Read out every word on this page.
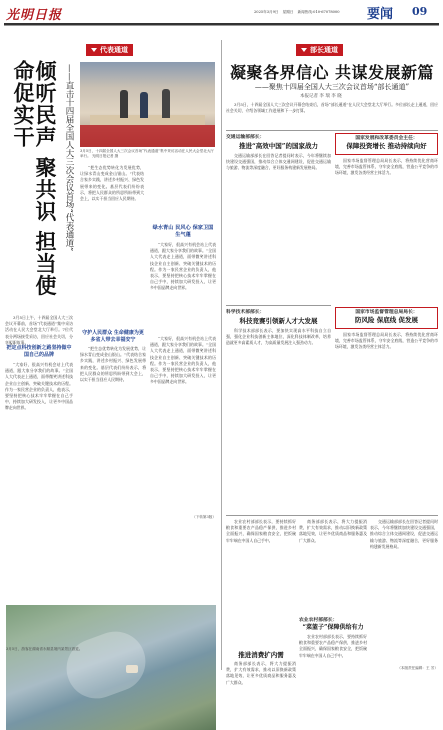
光明日报	2025年3月9日 星期日 新闻热线:010-67078000 要闻 09
代表通道
倾听民声 聚共识 担当使命促实干	——直击十四届全国人大三次会议首场“代表通道” 3月5日，十四届全国人大三次会议首场“代表通道”集中采访活动在人民大会堂北大厅举行。 光明日报记者 摄

3月5日上午，十四届全国人大三次会议开幕前，首场“代表通道”集中采访活动在人民大会堂北大厅举行。7位代表分两场接受采访，回应社会关切，分享履职故事。

把定点科技创新之路坚持做中国自己的品牌

“大家好，很高兴有机会站上代表通道，跟大家分享我们的故事。”全国人大代表走上通道，面带微笑讲述科技企业自主创新、突破关键技术的历程。作为一家民营企业的负责人，他表示，要坚持把核心技术牢牢掌握在自己手中，持续加大研发投入，让更多中国品牌走向世界。

“把生态优势转化为发展优势，让绿水青山变成金山银山。”代表结合家乡实践，讲述乡村振兴、绿色发展带来的变化。基层代表们纷纷表示，将把人民群众的所思所盼带到大会上，以实干担当回应人民期待。

绿水青山 民风心 保家卫国 生气蓬

“大家好，很高兴有机会站上代表通道，跟大家分享我们的故事。”全国人大代表走上通道，面带微笑讲述科技企业自主创新、突破关键技术的历程。作为一家民营企业的负责人，他表示，要坚持把核心技术牢牢掌握在自己手中，持续加大研发投入，让更多中国品牌走向世界。

守护人民群众 生命健康为更多省人带去幸福安宁

“把生态优势转化为发展优势，让绿水青山变成金山银山。”代表结合家乡实践，讲述乡村振兴、绿色发展带来的变化。基层代表们纷纷表示，将把人民群众的所思所盼带到大会上，以实干担当回应人民期待。

“大家好，很高兴有机会站上代表通道，跟大家分享我们的故事。”全国人大代表走上通道，面带微笑讲述科技企业自主创新、突破关键技术的历程。作为一家民营企业的负责人，他表示，要坚持把核心技术牢牢掌握在自己手中，持续加大研发投入，让更多中国品牌走向世界。

（下转第3版）
3月5日，游客在湖南省永顺县境内某景区游览。
部长通道
凝聚各界信心 共谋发展新篇
——聚焦十四届全国人大三次会议首场“部长通道”
本报记者 李 瑞 李 晓

3月5日，十四届全国人大三次会议开幕会结束后，首场“部长通道”在人民大会堂北大厅举行。多位部长走上通道，回应社会关切，介绍各领域工作进展和下一步打算。

交通运输部部长：
推进“高效中国”的国家战力

交通运输部部长在回答记者提问时表示，今年将继续加快建设交通强国，推动综合立体交通网建设，促进交通运输与旅游、物流等深度融合，更好服务构建新发展格局。

国家发展和改革委员会主任：
保障投资增长 推动持续向好

国家市场监督管理总局局长表示，将持续优化营商环境，完善市场监管体系，守牢安全底线，营造公平竞争的市场环境，激发各类经营主体活力。

科学技术部部长：
科技竞赛引领新人才大发展

科学技术部部长表示，要加快实现高水平科技自立自强，强化企业科技创新主体地位，深化科技体制改革，培养造就更多高素质人才，为高质量发展注入强劲动力。

国家市场监督管理总局局长：
防风险 保底线 促发展

国家市场监督管理总局局长表示，将持续优化营商环境，完善市场监管体系，守牢安全底线，营造公平竞争的市场环境，激发各类经营主体活力。

农业农村部部长表示，要持续抓好粮食和重要农产品稳产保供，推进乡村全面振兴，确保国家粮食安全，把饭碗牢牢端在中国人自己手中。

商务部部长表示，将大力提振消费，扩大有效需求，推动以旧换新政策落地见效，让更多优质商品和服务惠及广大群众。

农业农村部部长：
“菜篮子”保障供给有力

农业农村部部长表示，要持续抓好粮食和重要农产品稳产保供，推进乡村全面振兴，确保国家粮食安全，把饭碗牢牢端在中国人自己手中。

交通运输部部长在回答记者提问时表示，今年将继续加快建设交通强国，推动综合立体交通网建设，促进交通运输与旅游、物流等深度融合，更好服务构建新发展格局。

（本版责任编辑：王 芳）
推进消费扩内需

商务部部长表示，将大力提振消费，扩大有效需求，推动以旧换新政策落地见效，让更多优质商品和服务惠及广大群众。
